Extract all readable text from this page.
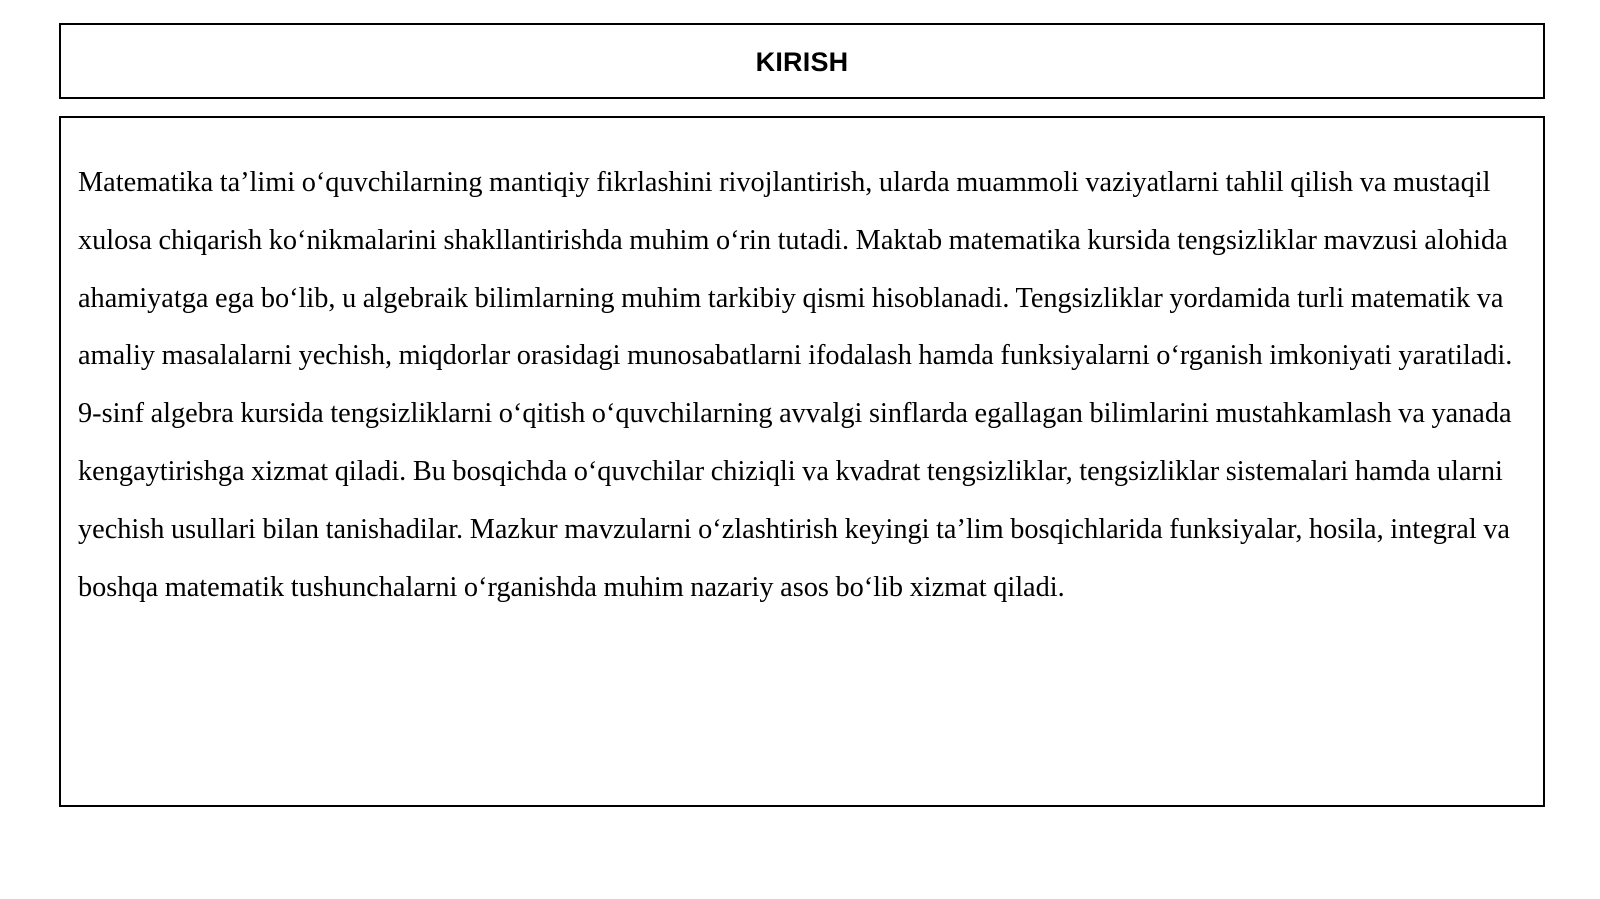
KIRISH

Matematika ta’limi o‘quvchilarning mantiqiy fikrlashini rivojlantirish, ularda muammoli vaziyatlarni tahlil qilish va mustaqil xulosa chiqarish ko‘nikmalarini shakllantirishda muhim o‘rin tutadi. Maktab matematika kursida tengsizliklar mavzusi alohida ahamiyatga ega bo‘lib, u algebraik bilimlarning muhim tarkibiy qismi hisoblanadi. Tengsizliklar yordamida turli matematik va amaliy masalalarni yechish, miqdorlar orasidagi munosabatlarni ifodalash hamda funksiyalarni o‘rganish imkoniyati yaratiladi. 9-sinf algebra kursida tengsizliklarni o‘qitish o‘quvchilarning avvalgi sinflarda egallagan bilimlarini mustahkamlash va yanada kengaytirishga xizmat qiladi. Bu bosqichda o‘quvchilar chiziqli va kvadrat tengsizliklar, tengsizliklar sistemalari hamda ularni yechish usullari bilan tanishadilar. Mazkur mavzularni o‘zlashtirish keyingi ta’lim bosqichlarida funksiyalar, hosila, integral va boshqa matematik tushunchalarni o‘rganishda muhim nazariy asos bo‘lib xizmat qiladi.
